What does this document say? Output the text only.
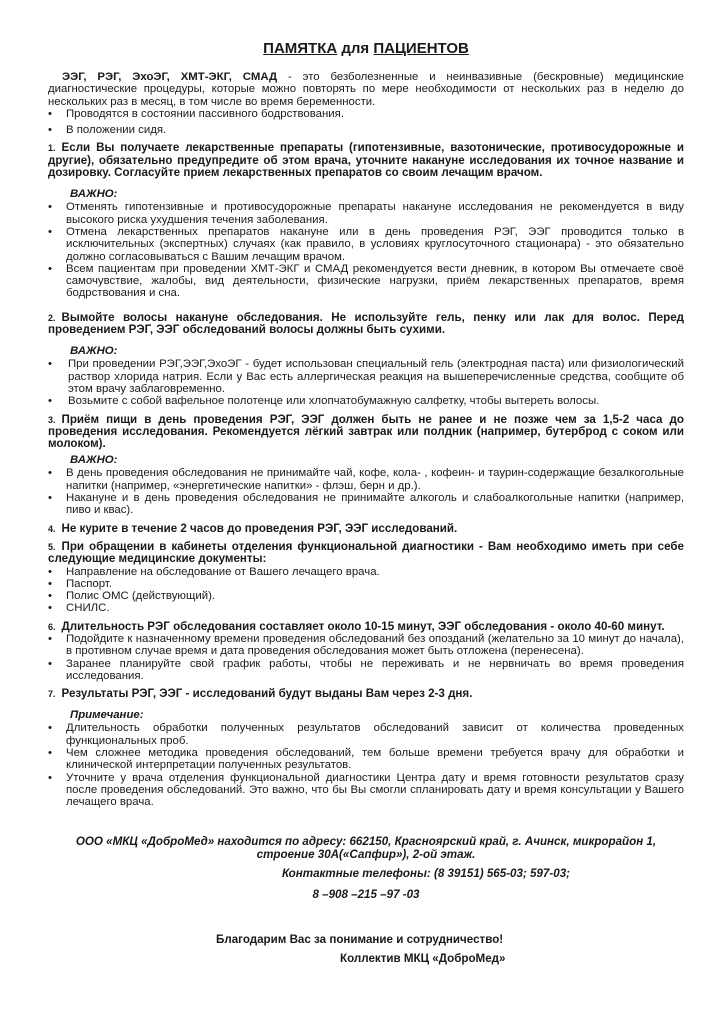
ПАМЯТКА для ПАЦИЕНТОВ

ЭЭГ, РЭГ, ЭхоЭГ, ХМТ-ЭКГ, СМАД - это безболезненные и неинвазивные (бескровные) медицинские диагностические процедуры, которые можно повторять по мере необходимости от нескольких раз в неделю до нескольких раз в месяц, в том числе во время беременности.

• Проводятся в состоянии пассивного бодрствования.
• В положении сидя.

1. Если Вы получаете лекарственные препараты (гипотензивные, вазотонические, противосудорожные и другие), обязательно предупредите об этом врача, уточните накануне исследования их точное название и дозировку. Согласуйте прием лекарственных препаратов со своим лечащим врачом.

ВАЖНО:

• Отменять гипотензивные и противосудорожные препараты накануне исследования не рекомендуется в виду высокого риска ухудшения течения заболевания.
• Отмена лекарственных препаратов накануне или в день проведения РЭГ, ЭЭГ проводится только в исключительных (экспертных) случаях (как правило, в условиях круглосуточного стационара) - это обязательно должно согласовываться с Вашим лечащим врачом.
• Всем пациентам при проведении ХМТ-ЭКГ и СМАД рекомендуется вести дневник, в котором Вы отмечаете своё самочувствие, жалобы, вид деятельности, физические нагрузки, приём лекарственных препаратов, время бодрствования и сна.

2. Вымойте волосы накануне обследования. Не используйте гель, пенку или лак для волос. Перед проведением РЭГ, ЭЭГ обследований волосы должны быть сухими.

ВАЖНО:

• При проведении РЭГ,ЭЭГ,ЭхоЭГ - будет использован специальный гель (электродная паста) или физиологический раствор хлорида натрия. Если у Вас есть аллергическая реакция на вышеперечисленные средства, сообщите об этом врачу заблаговременно.
• Возьмите с собой вафельное полотенце или хлопчатобумажную салфетку, чтобы вытереть волосы.

3. Приём пищи в день проведения РЭГ, ЭЭГ должен быть не ранее и не позже чем за 1,5-2 часа до проведения исследования. Рекомендуется лёгкий завтрак или полдник (например, бутерброд с соком или молоком).

ВАЖНО:

• В день проведения обследования не принимайте чай, кофе, кола- , кофеин- и таурин-содержащие безалкогольные напитки (например, «энергетические напитки» - флэш, берн и др.).
• Накануне и в день проведения обследования не принимайте алкоголь и слабоалкогольные напитки (например, пиво и квас).

4. Не курите в течение 2 часов до проведения РЭГ, ЭЭГ исследований.

5. При обращении в кабинеты отделения функциональной диагностики - Вам необходимо иметь при себе следующие медицинские документы:

• Направление на обследование от Вашего лечащего врача.
• Паспорт.
• Полис ОМС (действующий).
• СНИЛС.

6. Длительность РЭГ обследования составляет около 10-15 минут, ЭЭГ обследования - около 40-60 минут.

• Подойдите к назначенному времени проведения обследований без опозданий (желательно за 10 минут до начала), в противном случае время и дата проведения обследования может быть отложена (перенесена).
• Заранее планируйте свой график работы, чтобы не переживать и не нервничать во время проведения исследования.

7. Результаты РЭГ, ЭЭГ - исследований будут выданы Вам через 2-3 дня.

Примечание:

• Длительность обработки полученных результатов обследований зависит от количества проведенных функциональных проб.
• Чем сложнее методика проведения обследований, тем больше времени требуется врачу для обработки и клинической интерпретации полученных результатов.
• Уточните у врача отделения функциональной диагностики Центра дату и время готовности результатов сразу после проведения обследований. Это важно, что бы Вы смогли спланировать дату и время консультации у Вашего лечащего врача.

ООО «МКЦ «ДоброМед» находится по адресу: 662150, Красноярский край, г. Ачинск, микрорайон 1, строение 30А(«Сапфир»), 2-ой этаж.

Контактные телефоны: (8 39151) 565-03; 597-03;

8 –908 –215 –97 -03

Благодарим Вас за понимание и сотрудничество!

Коллектив МКЦ «ДоброМед»
